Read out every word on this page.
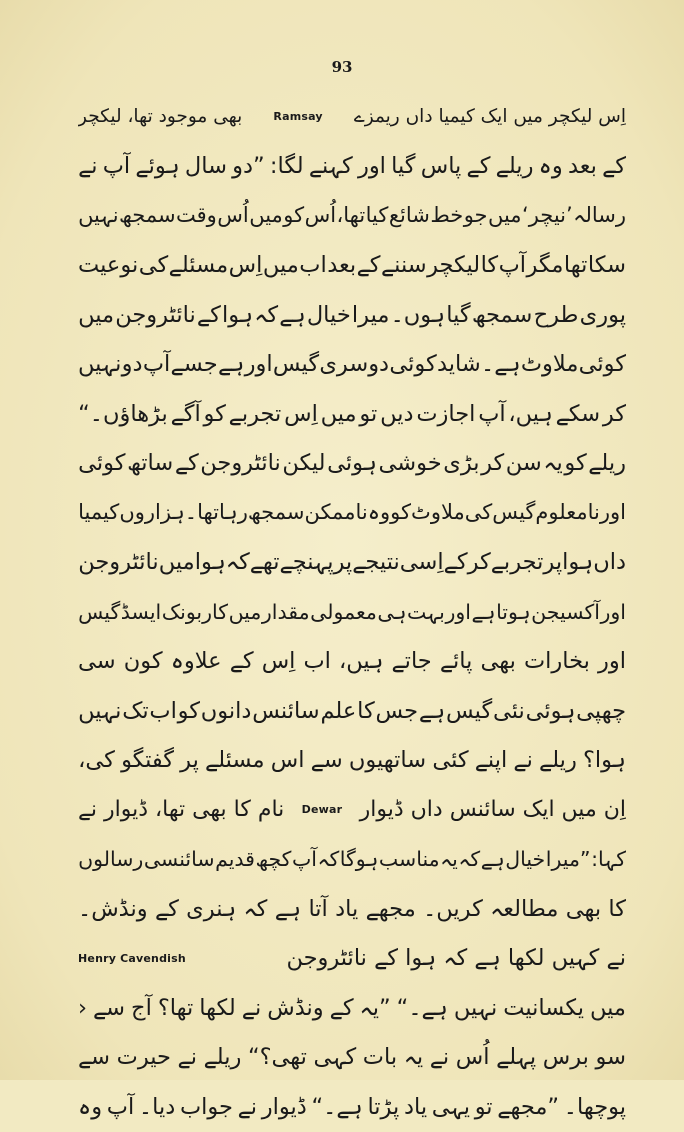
93
اِس لیکچر میں ایک کیمیا داں ریمزے
Ramsay
بھی موجود تھا، لیکچر
کے
بعد
وہ
ریلے
کے
پاس
گیا
اور
کہنے
لگا:
”دو
سال
ہوئے
آپ
نے
رسالہ
’نیچر‘
میں
جو
خط
شائع
کیا
تھا،
اُس
کو
میں
اُس
وقت
سمجھ
نہیں
سکا
تھا
مگر
آپ
کا
لیکچر
سننے
کے
بعد
اب
میں
اِس
مسئلے
کی
نوعیت
پوری
طرح
سمجھ
گیا
ہوں۔
میرا
خیال
ہے
کہ
ہوا
کے
نائٹروجن
میں
کوئی
ملاوٹ
ہے۔
شاید
کوئی
دوسری
گیس
اور
ہے
جسے
آپ
دو
نہیں
کر
سکے
ہیں،
آپ
اجازت
دیں
تو
میں
اِس
تجربے
کو
آگے
بڑھاؤں۔“
ریلے
کو
یہ
سن
کر
بڑی
خوشی
ہوئی
لیکن
نائٹروجن
کے
ساتھ
کوئی
اور
نامعلوم
گیس
کی
ملاوٹ
کو
وہ
ناممکن
سمجھ
رہا
تھا۔
ہزاروں
کیمیا
داں
ہوا
پر
تجربے
کر
کے
اِسی
نتیجے
پر
پہنچے
تھے
کہ
ہوا
میں
نائٹروجن
اور
آکسیجن
ہوتا
ہے
اور
بہت
ہی
معمولی
مقدار
میں
کاربونک
ایسڈ
گیس
اور
بخارات
بھی
پائے
جاتے
ہیں،
اب
اِس
کے
علاوہ
کون
سی
چھپی
ہوئی
نئی
گیس
ہے
جس
کا
علم
سائنس
دانوں
کو
اب
تک
نہیں
ہوا؟
ریلے
نے
اپنے
کئی
ساتھیوں
سے
اس
مسئلے
پر
گفتگو
کی،
اِن میں ایک سائنس داں ڈیوار
Dewar
نام کا بھی تھا، ڈیوار نے
کہا:
”میرا
خیال
ہے
کہ
یہ
مناسب
ہوگا
کہ
آپ
کچھ
قدیم
سائنسی
رسالوں
کا
بھی
مطالعہ
کریں۔
مجھے
یاد
آتا
ہے
کہ
ہنری
کے
ونڈش۔
نے کہیں لکھا ہے کہ ہوا کے نائٹروجن
Henry Cavendish
میں
یکسانیت
نہیں
ہے۔“
”یہ
کے
ونڈش
نے
لکھا
تھا؟
آج
سے
‹
سو
برس
پہلے
اُس
نے
یہ
بات
کہی
تھی؟“
ریلے
نے
حیرت
سے
پوچھا۔
”مجھے
تو
یہی
یاد
پڑتا
ہے۔“
ڈیوار
نے
جواب
دیا۔
آپ
وہ
